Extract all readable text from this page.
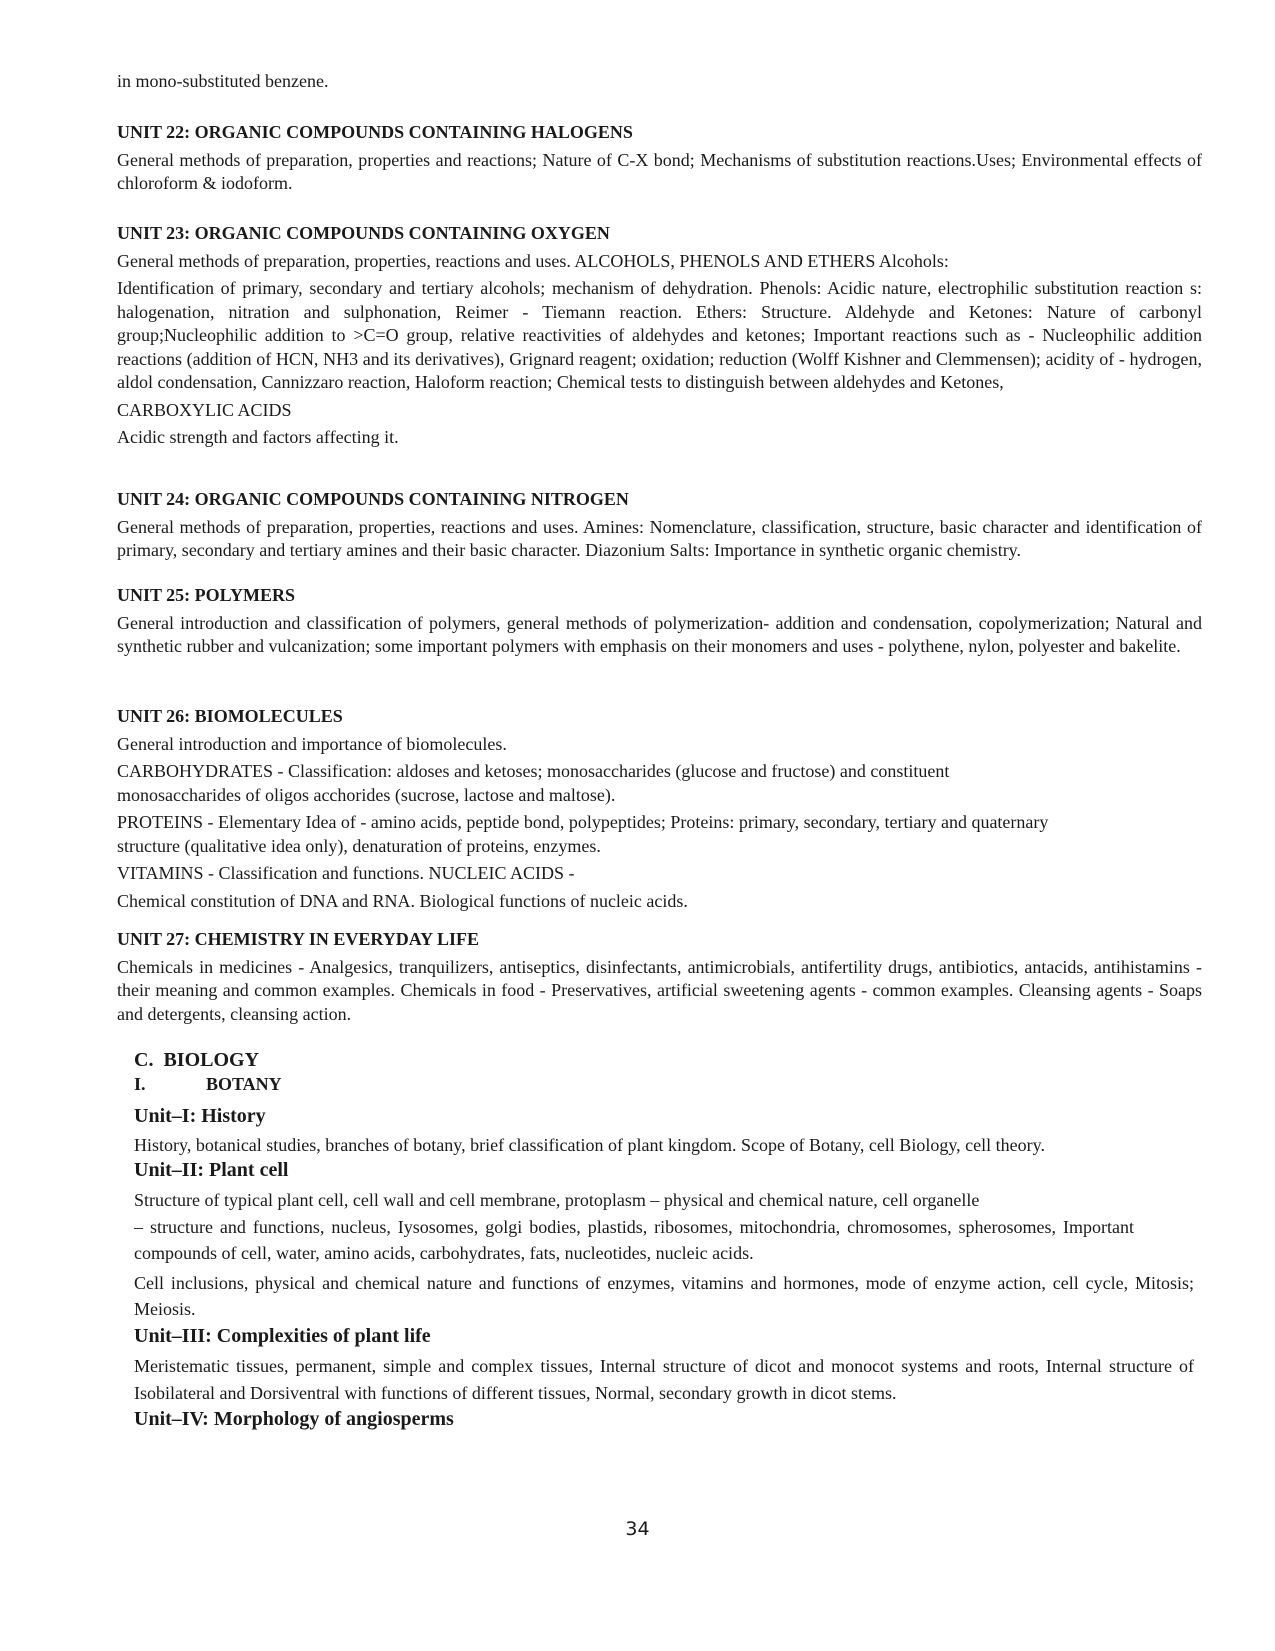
in mono-substituted benzene.

UNIT 22: ORGANIC COMPOUNDS CONTAINING HALOGENS

General methods of preparation, properties and reactions; Nature of C-X bond; Mechanisms of substitution reactions.Uses; Environmental effects of chloroform & iodoform.

UNIT 23: ORGANIC COMPOUNDS CONTAINING OXYGEN

General methods of preparation, properties, reactions and uses. ALCOHOLS, PHENOLS AND ETHERS Alcohols:

Identification of primary, secondary and tertiary alcohols; mechanism of dehydration. Phenols: Acidic nature, electrophilic substitution reaction s: halogenation, nitration and sulphonation, Reimer - Tiemann reaction. Ethers: Structure. Aldehyde and Ketones: Nature of carbonyl group;Nucleophilic addition to >C=O group, relative reactivities of aldehydes and ketones; Important reactions such as - Nucleophilic addition reactions (addition of HCN, NH3 and its derivatives), Grignard reagent; oxidation; reduction (Wolff Kishner and Clemmensen); acidity of - hydrogen, aldol condensation, Cannizzaro reaction, Haloform reaction; Chemical tests to distinguish between aldehydes and Ketones,

CARBOXYLIC ACIDS

Acidic strength and factors affecting it.

UNIT 24: ORGANIC COMPOUNDS CONTAINING NITROGEN

General methods of preparation, properties, reactions and uses. Amines: Nomenclature, classification, structure, basic character and identification of primary, secondary and tertiary amines and their basic character. Diazonium Salts: Importance in synthetic organic chemistry.

UNIT 25: POLYMERS

General introduction and classification of polymers, general methods of polymerization- addition and condensation, copolymerization; Natural and synthetic rubber and vulcanization; some important polymers with emphasis on their monomers and uses - polythene, nylon, polyester and bakelite.

UNIT 26: BIOMOLECULES

General introduction and importance of biomolecules.

CARBOHYDRATES - Classification: aldoses and ketoses; monosaccharides (glucose and fructose) and constituent monosaccharides of oligos acchorides (sucrose, lactose and maltose).

PROTEINS - Elementary Idea of - amino acids, peptide bond, polypeptides; Proteins: primary, secondary, tertiary and quaternary structure (qualitative idea only), denaturation of proteins, enzymes.

VITAMINS - Classification and functions. NUCLEIC ACIDS -

Chemical constitution of DNA and RNA. Biological functions of nucleic acids.

UNIT 27: CHEMISTRY IN EVERYDAY LIFE

Chemicals in medicines - Analgesics, tranquilizers, antiseptics, disinfectants, antimicrobials, antifertility drugs, antibiotics, antacids, antihistamins - their meaning and common examples. Chemicals in food - Preservatives, artificial sweetening agents - common examples. Cleansing agents - Soaps and detergents, cleansing action.

C.  BIOLOGY
I.	BOTANY
Unit–I: History

History, botanical studies, branches of botany, brief classification of plant kingdom. Scope of Botany, cell Biology, cell theory.

Unit–II: Plant cell

Structure of typical plant cell, cell wall and cell membrane, protoplasm – physical and chemical nature, cell organelle

– structure and functions, nucleus, Iysosomes, golgi bodies, plastids, ribosomes, mitochondria, chromosomes, spherosomes, Important compounds of cell, water, amino acids, carbohydrates, fats, nucleotides, nucleic acids.

Cell inclusions, physical and chemical nature and functions of enzymes, vitamins and hormones, mode of enzyme action, cell cycle, Mitosis; Meiosis.

Unit–III: Complexities of plant life

Meristematic tissues, permanent, simple and complex tissues, Internal structure of dicot and monocot systems and roots, Internal structure of Isobilateral and Dorsiventral with functions of different tissues, Normal, secondary growth in dicot stems.

Unit–IV: Morphology of angiosperms
34
